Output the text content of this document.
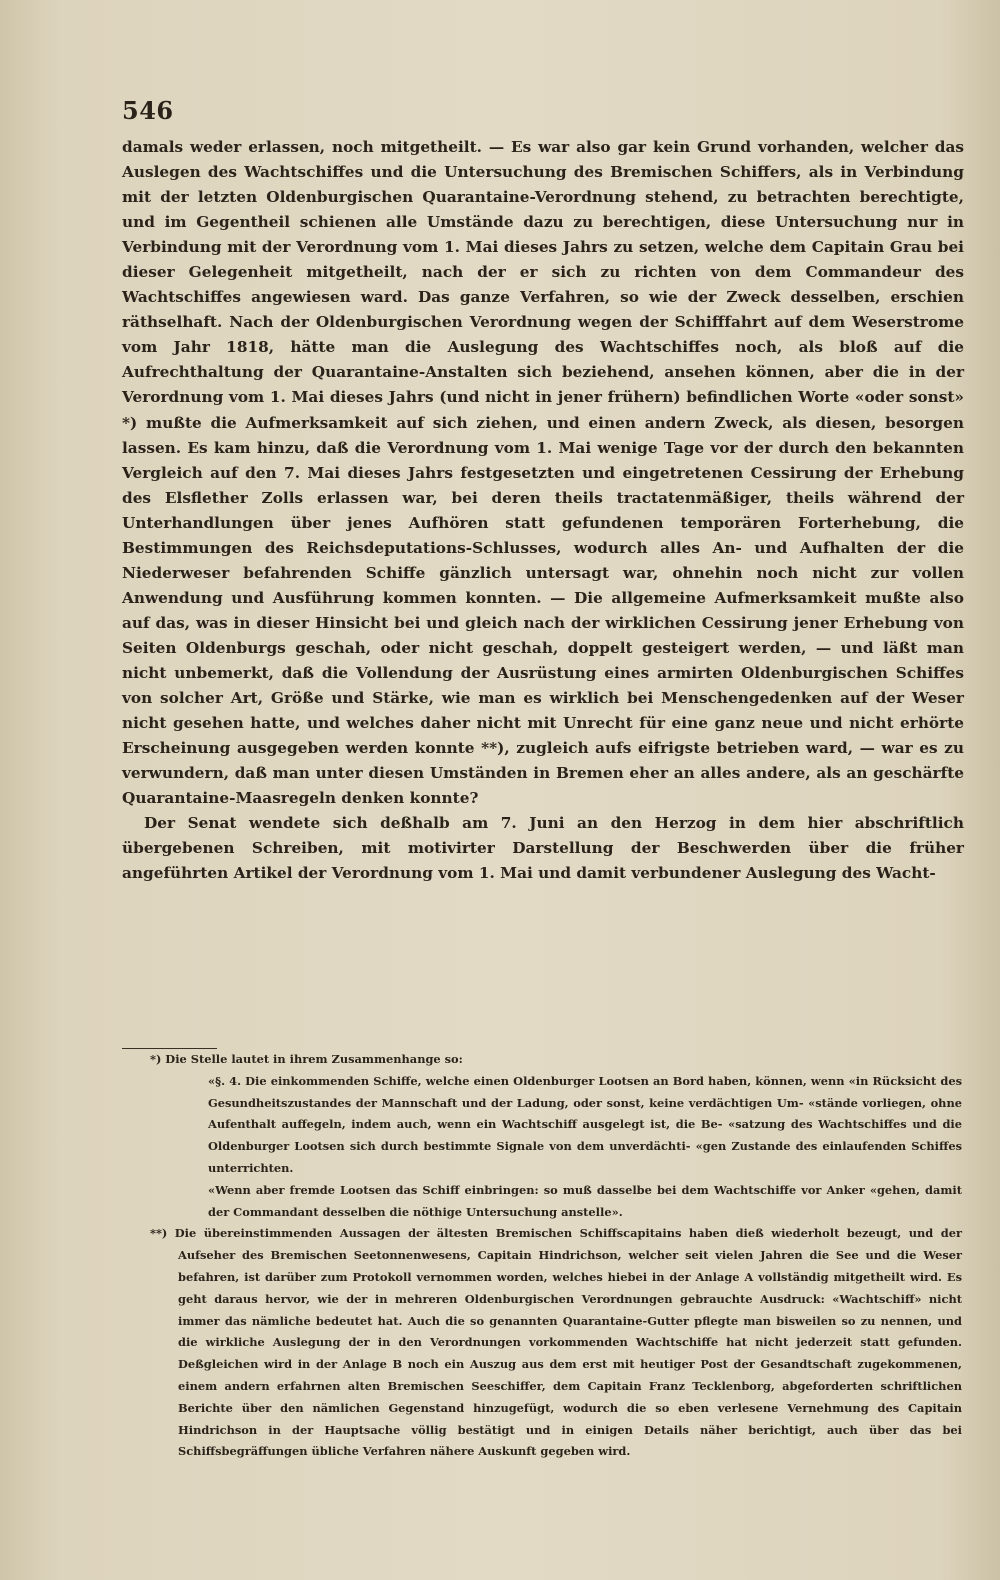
546

damals weder erlassen, noch mitgetheilt. — Es war also gar kein Grund vorhanden, welcher das Auslegen des Wachtschiffes und die Untersuchung des Bremischen Schiffers, als in Verbindung mit der letzten Oldenburgischen Quarantaine-Verordnung stehend, zu betrachten berechtigte, und im Gegentheil schienen alle Umstände dazu zu berechtigen, diese Untersuchung nur in Verbindung mit der Verordnung vom 1. Mai dieses Jahrs zu setzen, welche dem Capitain Grau bei dieser Gelegenheit mitgetheilt, nach der er sich zu richten von dem Commandeur des Wachtschiffes angewiesen ward. Das ganze Verfahren, so wie der Zweck desselben, erschien räthselhaft. Nach der Oldenburgischen Verordnung wegen der Schifffahrt auf dem Weserstrome vom Jahr 1818, hätte man die Auslegung des Wachtschiffes noch, als bloß auf die Aufrechthaltung der Quarantaine-Anstalten sich beziehend, ansehen können, aber die in der Verordnung vom 1. Mai dieses Jahrs (und nicht in jener frühern) befindlichen Worte «oder sonst» *) mußte die Aufmerksamkeit auf sich ziehen, und einen andern Zweck, als diesen, besorgen lassen. Es kam hinzu, daß die Verordnung vom 1. Mai wenige Tage vor der durch den bekannten Vergleich auf den 7. Mai dieses Jahrs festgesetzten und eingetretenen Cessirung der Erhebung des Elsflether Zolls erlassen war, bei deren theils tractatenmäßiger, theils während der Unterhandlungen über jenes Aufhören statt gefundenen temporären Forterhebung, die Bestimmungen des Reichsdeputations-Schlusses, wodurch alles An- und Aufhalten der die Niederweser befahrenden Schiffe gänzlich untersagt war, ohnehin noch nicht zur vollen Anwendung und Ausführung kommen konnten. — Die allgemeine Aufmerksamkeit mußte also auf das, was in dieser Hinsicht bei und gleich nach der wirklichen Cessirung jener Erhebung von Seiten Oldenburgs geschah, oder nicht geschah, doppelt gesteigert werden, — und läßt man nicht unbemerkt, daß die Vollendung der Ausrüstung eines armirten Oldenburgischen Schiffes von solcher Art, Größe und Stärke, wie man es wirklich bei Menschengedenken auf der Weser nicht gesehen hatte, und welches daher nicht mit Unrecht für eine ganz neue und nicht erhörte Erscheinung ausgegeben werden konnte **), zugleich aufs eifrigste betrieben ward, — war es zu verwundern, daß man unter diesen Umständen in Bremen eher an alles andere, als an geschärfte Quarantaine-Maasregeln denken konnte?

Der Senat wendete sich deßhalb am 7. Juni an den Herzog in dem hier abschriftlich übergebenen Schreiben, mit motivirter Darstellung der Beschwerden über die früher angeführten Artikel der Verordnung vom 1. Mai und damit verbundener Auslegung des Wacht-

*) Die Stelle lautet in ihrem Zusammenhange so:

«§. 4. Die einkommenden Schiffe, welche einen Oldenburger Lootsen an Bord haben, können, wenn «in Rücksicht des Gesundheitszustandes der Mannschaft und der Ladung, oder sonst, keine verdächtigen Um- «stände vorliegen, ohne Aufenthalt auffegeln, indem auch, wenn ein Wachtschiff ausgelegt ist, die Be- «satzung des Wachtschiffes und die Oldenburger Lootsen sich durch bestimmte Signale von dem unverdächti- «gen Zustande des einlaufenden Schiffes unterrichten.

«Wenn aber fremde Lootsen das Schiff einbringen: so muß dasselbe bei dem Wachtschiffe vor Anker «gehen, damit der Commandant desselben die nöthige Untersuchung anstelle».

**) Die übereinstimmenden Aussagen der ältesten Bremischen Schiffscapitains haben dieß wiederholt bezeugt, und der Aufseher des Bremischen Seetonnenwesens, Capitain Hindrichson, welcher seit vielen Jahren die See und die Weser befahren, ist darüber zum Protokoll vernommen worden, welches hiebei in der Anlage A vollständig mitgetheilt wird. Es geht daraus hervor, wie der in mehreren Oldenburgischen Verordnungen gebrauchte Ausdruck: «Wachtschiff» nicht immer das nämliche bedeutet hat. Auch die so genannten Quarantaine-Gutter pflegte man bisweilen so zu nennen, und die wirkliche Auslegung der in den Verordnungen vorkommenden Wachtschiffe hat nicht jederzeit statt gefunden. Deßgleichen wird in der Anlage B noch ein Auszug aus dem erst mit heutiger Post der Gesandtschaft zugekommenen, einem andern erfahrnen alten Bremischen Seeschiffer, dem Capitain Franz Tecklenborg, abgeforderten schriftlichen Berichte über den nämlichen Gegenstand hinzugefügt, wodurch die so eben verlesene Vernehmung des Capitain Hindrichson in der Hauptsache völlig bestätigt und in einigen Details näher berichtigt, auch über das bei Schiffsbegräffungen übliche Verfahren nähere Auskunft gegeben wird.
